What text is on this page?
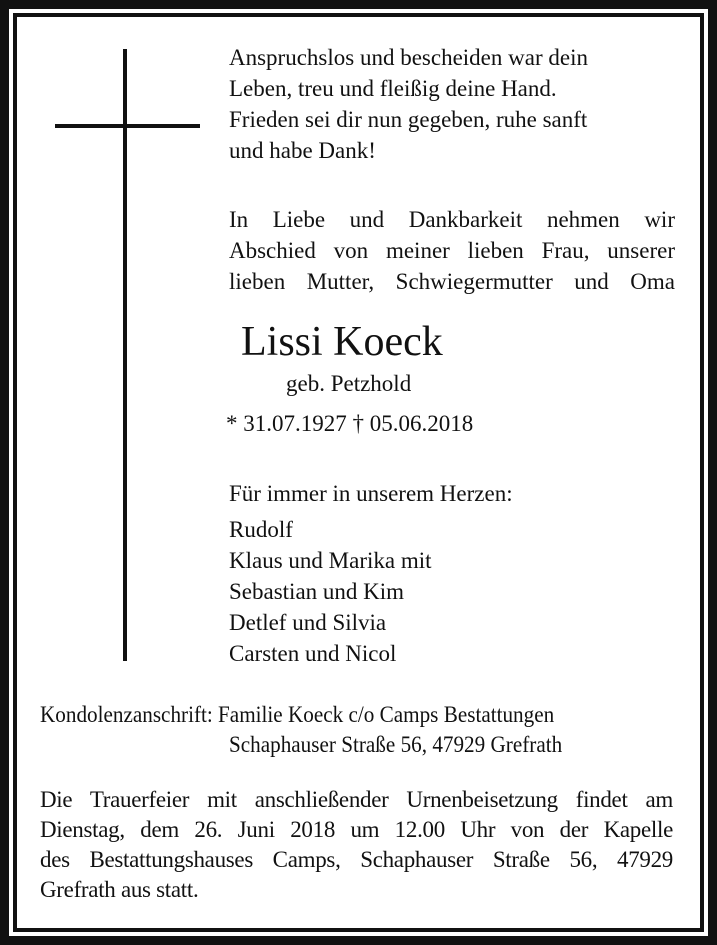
Anspruchslos und bescheiden war dein
Leben, treu und fleißig deine Hand.
Frieden sei dir nun gegeben, ruhe sanft
und habe Dank!
In Liebe und Dankbarkeit nehmen wir
Abschied von meiner lieben Frau, unserer
lieben Mutter, Schwiegermutter und Oma
Lissi Koeck
geb. Petzhold
* 31.07.1927 † 05.06.2018
Für immer in unserem Herzen:
Rudolf
Klaus und Marika mit
Sebastian und Kim
Detlef und Silvia
Carsten und Nicol
Kondolenzanschrift: Familie Koeck c/o Camps Bestattungen
Schaphauser Straße 56, 47929 Grefrath
Die Trauerfeier mit anschließender Urnenbeisetzung findet am
Dienstag, dem 26. Juni 2018 um 12.00 Uhr von der Kapelle
des Bestattungshauses Camps, Schaphauser Straße 56, 47929
Grefrath aus statt.
